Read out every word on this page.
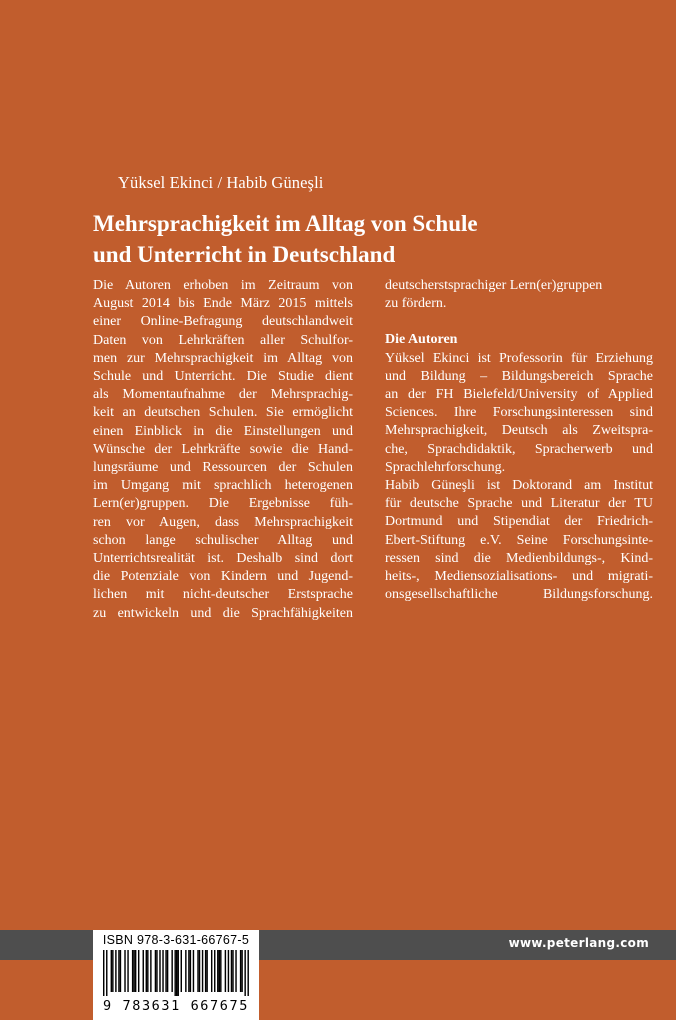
Yüksel Ekinci / Habib Güneşli
Mehrsprachigkeit im Alltag von Schule
und Unterricht in Deutschland
Die Autoren erhoben im Zeitraum von
August 2014 bis Ende März 2015 mittels
einer Online-Befragung deutschlandweit
Daten von Lehrkräften aller Schulfor-
men zur Mehrsprachigkeit im Alltag von
Schule und Unterricht. Die Studie dient
als Momentaufnahme der Mehrsprachig-
keit an deutschen Schulen. Sie ermöglicht
einen Einblick in die Einstellungen und
Wünsche der Lehrkräfte sowie die Hand-
lungsräume und Ressourcen der Schulen
im Umgang mit sprachlich heterogenen
Lern(er)gruppen. Die Ergebnisse füh-
ren vor Augen, dass Mehrsprachigkeit
schon lange schulischer Alltag und
Unterrichtsrealität ist. Deshalb sind dort
die Potenziale von Kindern und Jugend-
lichen mit nicht-deutscher Erstsprache
zu entwickeln und die Sprachfähigkeiten
deutscherstsprachiger Lern(er)gruppen
zu fördern.
Die Autoren
Yüksel Ekinci ist Professorin für Erziehung
und Bildung – Bildungsbereich Sprache
an der FH Bielefeld/University of Applied
Sciences. Ihre Forschungsinteressen sind
Mehrsprachigkeit, Deutsch als Zweitspra-
che, Sprachdidaktik, Spracherwerb und
Sprachlehrforschung.
Habib Güneşli ist Doktorand am Institut
für deutsche Sprache und Literatur der TU
Dortmund und Stipendiat der Friedrich-
Ebert-Stiftung e.V. Seine Forschungsinte-
ressen sind die Medienbildungs-, Kind-
heits-, Mediensozialisations- und migrati-
onsgesellschaftliche Bildungsforschung.
www.peterlang.com
ISBN 978-3-631-66767-5
9 783631 667675
